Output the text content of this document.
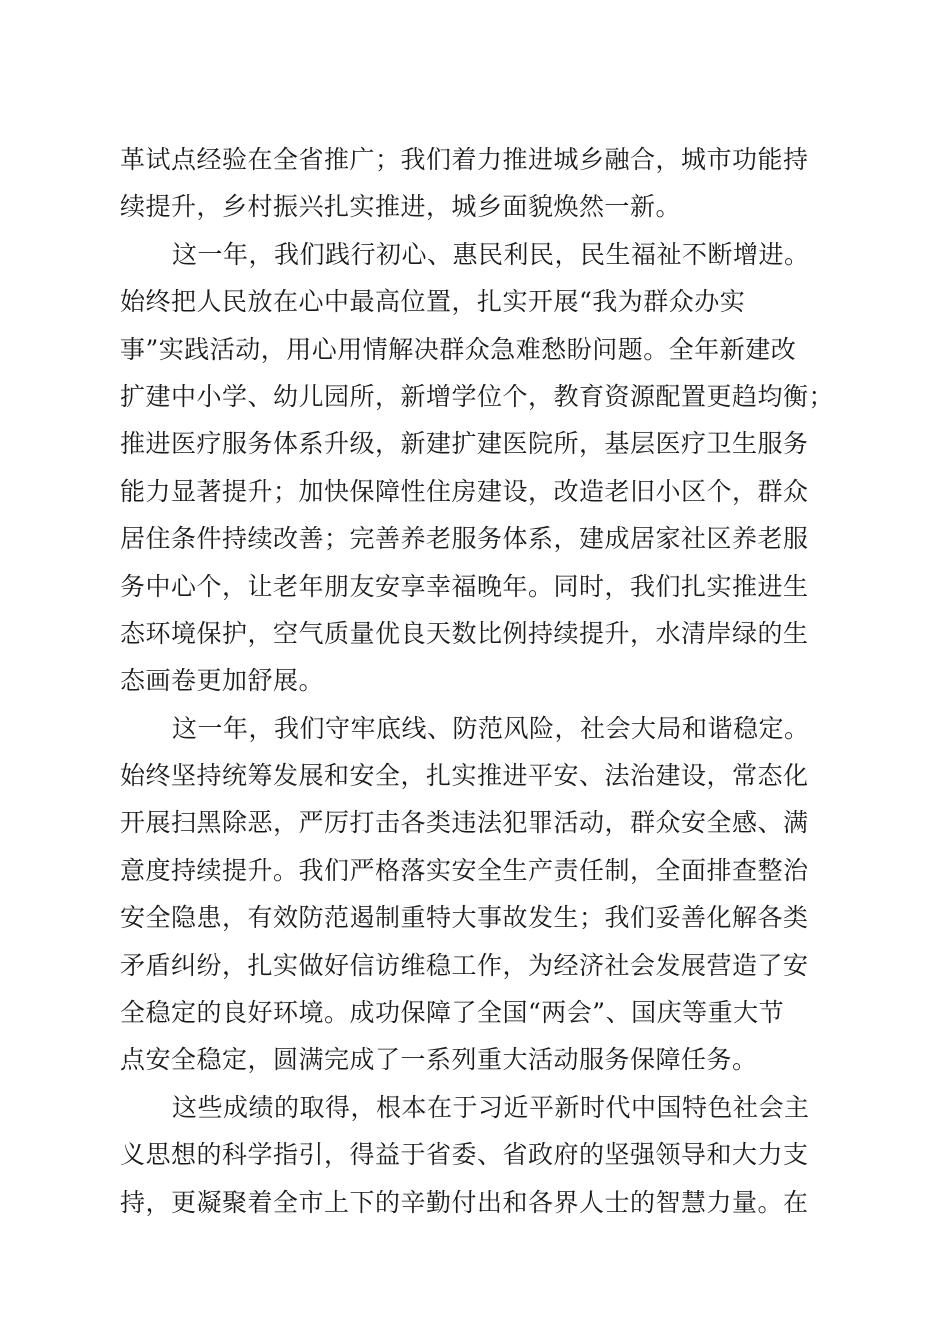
革试点经验在全省推广；我们着力推进城乡融合，城市功能持
续提升，乡村振兴扎实推进，城乡面貌焕然一新。
这一年，我们践行初心、惠民利民，民生福祉不断增进。
始终把人民放在心中最高位置，扎实开展“我为群众办实
事”实践活动，用心用情解决群众急难愁盼问题。全年新建改
扩建中小学、幼儿园所，新增学位个，教育资源配置更趋均衡；
推进医疗服务体系升级，新建扩建医院所，基层医疗卫生服务
能力显著提升；加快保障性住房建设，改造老旧小区个，群众
居住条件持续改善；完善养老服务体系，建成居家社区养老服
务中心个，让老年朋友安享幸福晚年。同时，我们扎实推进生
态环境保护，空气质量优良天数比例持续提升，水清岸绿的生
态画卷更加舒展。
这一年，我们守牢底线、防范风险，社会大局和谐稳定。
始终坚持统筹发展和安全，扎实推进平安、法治建设，常态化
开展扫黑除恶，严厉打击各类违法犯罪活动，群众安全感、满
意度持续提升。我们严格落实安全生产责任制，全面排查整治
安全隐患，有效防范遏制重特大事故发生；我们妥善化解各类
矛盾纠纷，扎实做好信访维稳工作，为经济社会发展营造了安
全稳定的良好环境。成功保障了全国“两会”、国庆等重大节
点安全稳定，圆满完成了一系列重大活动服务保障任务。
这些成绩的取得，根本在于习近平新时代中国特色社会主
义思想的科学指引，得益于省委、省政府的坚强领导和大力支
持，更凝聚着全市上下的辛勤付出和各界人士的智慧力量。在
